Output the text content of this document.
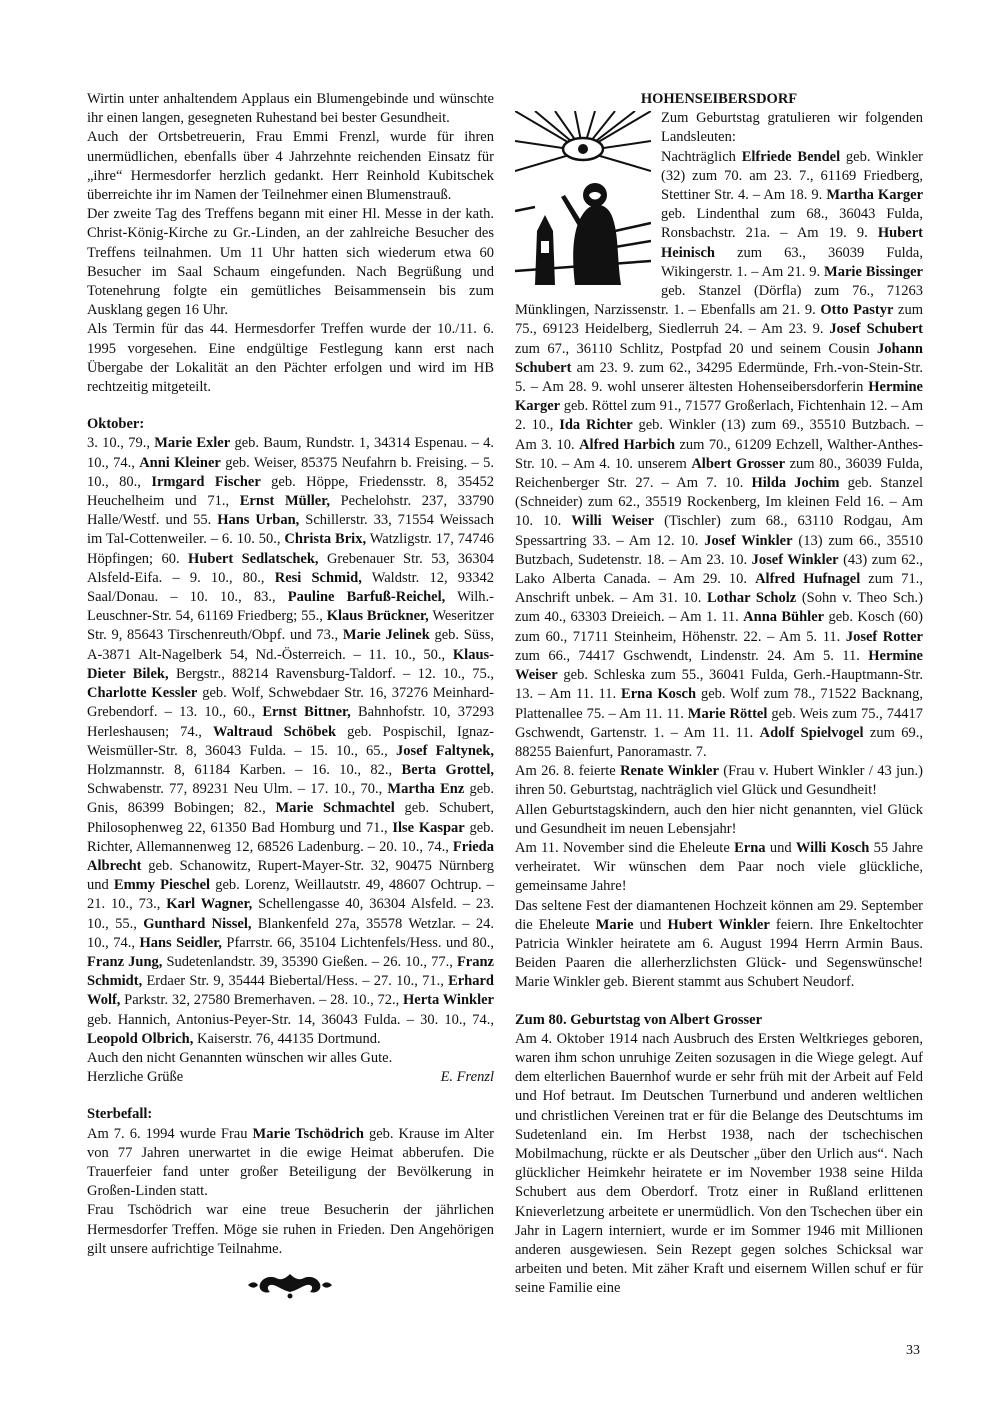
Wirtin unter anhaltendem Applaus ein Blumengebinde und wünschte ihr einen langen, gesegneten Ruhestand bei bester Gesundheit.

Auch der Ortsbetreuerin, Frau Emmi Frenzl, wurde für ihren unermüdlichen, ebenfalls über 4 Jahrzehnte reichenden Einsatz für „ihre“ Hermesdorfer herzlich gedankt. Herr Reinhold Kubitschek überreichte ihr im Namen der Teilnehmer einen Blumenstrauß.

Der zweite Tag des Treffens begann mit einer Hl. Messe in der kath. Christ-König-Kirche zu Gr.-Linden, an der zahlreiche Besucher des Treffens teilnahmen. Um 11 Uhr hatten sich wiederum etwa 60 Besucher im Saal Schaum eingefunden. Nach Begrüßung und Totenehrung folgte ein gemütliches Beisammensein bis zum Ausklang gegen 16 Uhr.

Als Termin für das 44. Hermesdorfer Treffen wurde der 10./11. 6. 1995 vorgesehen. Eine endgültige Festlegung kann erst nach Übergabe der Lokalität an den Pächter erfolgen und wird im HB rechtzeitig mitgeteilt.

Oktober:

3. 10., 79., Marie Exler geb. Baum, Rundstr. 1, 34314 Espenau. – 4. 10., 74., Anni Kleiner geb. Weiser, 85375 Neufahrn b. Freising. – 5. 10., 80., Irmgard Fischer geb. Höppe, Friedensstr. 8, 35452 Heuchelheim und 71., Ernst Müller, Pechelohstr. 237, 33790 Halle/Westf. und 55. Hans Urban, Schillerstr. 33, 71554 Weissach im Tal-Cottenweiler. – 6. 10. 50., Christa Brix, Watzligstr. 17, 74746 Höpfingen; 60. Hubert Sedlatschek, Grebenauer Str. 53, 36304 Alsfeld-Eifa. – 9. 10., 80., Resi Schmid, Waldstr. 12, 93342 Saal/Donau. – 10. 10., 83., Pauline Barfuß-Reichel, Wilh.-Leuschner-Str. 54, 61169 Friedberg; 55., Klaus Brückner, Weseritzer Str. 9, 85643 Tirschenreuth/Obpf. und 73., Marie Jelinek geb. Süss, A-3871 Alt-Nagelberk 54, Nd.-Österreich. – 11. 10., 50., Klaus-Dieter Bilek, Bergstr., 88214 Ravensburg-Taldorf. – 12. 10., 75., Charlotte Kessler geb. Wolf, Schwebdaer Str. 16, 37276 Meinhard-Grebendorf. – 13. 10., 60., Ernst Bittner, Bahnhofstr. 10, 37293 Herleshausen; 74., Waltraud Schöbek geb. Pospischil, Ignaz-Weismüller-Str. 8, 36043 Fulda. – 15. 10., 65., Josef Faltynek, Holzmannstr. 8, 61184 Karben. – 16. 10., 82., Berta Grottel, Schwabenstr. 77, 89231 Neu Ulm. – 17. 10., 70., Martha Enz geb. Gnis, 86399 Bobingen; 82., Marie Schmachtel geb. Schubert, Philosophenweg 22, 61350 Bad Homburg und 71., Ilse Kaspar geb. Richter, Allemannenweg 12, 68526 Ladenburg. – 20. 10., 74., Frieda Albrecht geb. Schanowitz, Rupert-Mayer-Str. 32, 90475 Nürnberg und Emmy Pieschel geb. Lorenz, Weillautstr. 49, 48607 Ochtrup. – 21. 10., 73., Karl Wagner, Schellengasse 40, 36304 Alsfeld. – 23. 10., 55., Gunthard Nissel, Blankenfeld 27a, 35578 Wetzlar. – 24. 10., 74., Hans Seidler, Pfarrstr. 66, 35104 Lichtenfels/Hess. und 80., Franz Jung, Sudetenlandstr. 39, 35390 Gießen. – 26. 10., 77., Franz Schmidt, Erdaer Str. 9, 35444 Biebertal/Hess. – 27. 10., 71., Erhard Wolf, Parkstr. 32, 27580 Bremerhaven. – 28. 10., 72., Herta Winkler geb. Hannich, Antonius-Peyer-Str. 14, 36043 Fulda. – 30. 10., 74., Leopold Olbrich, Kaiserstr. 76, 44135 Dortmund.

Auch den nicht Genannten wünschen wir alles Gute.

Herzliche Grüße	E. Frenzl
Sterbefall:

Am 7. 6. 1994 wurde Frau Marie Tschödrich geb. Krause im Alter von 77 Jahren unerwartet in die ewige Heimat abberufen. Die Trauerfeier fand unter großer Beteiligung der Bevölkerung in Großen-Linden statt.

Frau Tschödrich war eine treue Besucherin der jährlichen Hermesdorfer Treffen. Möge sie ruhen in Frieden. Den Angehörigen gilt unsere aufrichtige Teilnahme.

HOHENSEIBERSDORF

Zum Geburtstag gratulieren wir folgenden Landsleuten:

Nachträglich Elfriede Bendel geb. Winkler (32) zum 70. am 23. 7., 61169 Friedberg, Stettiner Str. 4. – Am 18. 9. Martha Karger geb. Lindenthal zum 68., 36043 Fulda, Ronsbachstr. 21a. – Am 19. 9. Hubert Heinisch zum 63., 36039 Fulda, Wikingerstr. 1. – Am 21. 9. Marie Bissinger geb. Stanzel (Dörfla) zum 76., 71263 Münklingen, Narzissenstr. 1. – Ebenfalls am 21. 9. Otto Pastyr zum 75., 69123 Heidelberg, Siedlerruh 24. – Am 23. 9. Josef Schubert zum 67., 36110 Schlitz, Postpfad 20 und seinem Cousin Johann Schubert am 23. 9. zum 62., 34295 Edermünde, Frh.-von-Stein-Str. 5. – Am 28. 9. wohl unserer ältesten Hohenseibersdorferin Hermine Karger geb. Röttel zum 91., 71577 Großerlach, Fichtenhain 12. – Am 2. 10., Ida Richter geb. Winkler (13) zum 69., 35510 Butzbach. – Am 3. 10. Alfred Harbich zum 70., 61209 Echzell, Walther-Anthes-Str. 10. – Am 4. 10. unserem Albert Grosser zum 80., 36039 Fulda, Reichenberger Str. 27. – Am 7. 10. Hilda Jochim geb. Stanzel (Schneider) zum 62., 35519 Rockenberg, Im kleinen Feld 16. – Am 10. 10. Willi Weiser (Tischler) zum 68., 63110 Rodgau, Am Spessartring 33. – Am 12. 10. Josef Winkler (13) zum 66., 35510 Butzbach, Sudetenstr. 18. – Am 23. 10. Josef Winkler (43) zum 62., Lako Alberta Canada. – Am 29. 10. Alfred Hufnagel zum 71., Anschrift unbek. – Am 31. 10. Lothar Scholz (Sohn v. Theo Sch.) zum 40., 63303 Dreieich. – Am 1. 11. Anna Bühler geb. Kosch (60) zum 60., 71711 Steinheim, Höhenstr. 22. – Am 5. 11. Josef Rotter zum 66., 74417 Gschwendt, Lindenstr. 24. Am 5. 11. Hermine Weiser geb. Schleska zum 55., 36041 Fulda, Gerh.-Hauptmann-Str. 13. – Am 11. 11. Erna Kosch geb. Wolf zum 78., 71522 Backnang, Plattenallee 75. – Am 11. 11. Marie Röttel geb. Weis zum 75., 74417 Gschwendt, Gartenstr. 1. – Am 11. 11. Adolf Spielvogel zum 69., 88255 Baienfurt, Panoramastr. 7.

Am 26. 8. feierte Renate Winkler (Frau v. Hubert Winkler / 43 jun.) ihren 50. Geburtstag, nachträglich viel Glück und Gesundheit!

Allen Geburtstagskindern, auch den hier nicht genannten, viel Glück und Gesundheit im neuen Lebensjahr!

Am 11. November sind die Eheleute Erna und Willi Kosch 55 Jahre verheiratet. Wir wünschen dem Paar noch viele glückliche, gemeinsame Jahre!

Das seltene Fest der diamantenen Hochzeit können am 29. September die Eheleute Marie und Hubert Winkler feiern. Ihre Enkeltochter Patricia Winkler heiratete am 6. August 1994 Herrn Armin Baus. Beiden Paaren die allerherzlichsten Glück- und Segenswünsche! Marie Winkler geb. Bierent stammt aus Schubert Neudorf.

Zum 80. Geburtstag von Albert Grosser

Am 4. Oktober 1914 nach Ausbruch des Ersten Weltkrieges geboren, waren ihm schon unruhige Zeiten sozusagen in die Wiege gelegt. Auf dem elterlichen Bauernhof wurde er sehr früh mit der Arbeit auf Feld und Hof betraut. Im Deutschen Turnerbund und anderen weltlichen und christlichen Vereinen trat er für die Belange des Deutschtums im Sudetenland ein. Im Herbst 1938, nach der tschechischen Mobilmachung, rückte er als Deutscher „über den Urlich aus“. Nach glücklicher Heimkehr heiratete er im November 1938 seine Hilda Schubert aus dem Oberdorf. Trotz einer in Rußland erlittenen Knieverletzung arbeitete er unermüdlich. Von den Tschechen über ein Jahr in Lagern interniert, wurde er im Sommer 1946 mit Millionen anderen ausgewiesen. Sein Rezept gegen solches Schicksal war arbeiten und beten. Mit zäher Kraft und eisernem Willen schuf er für seine Familie eine

33
